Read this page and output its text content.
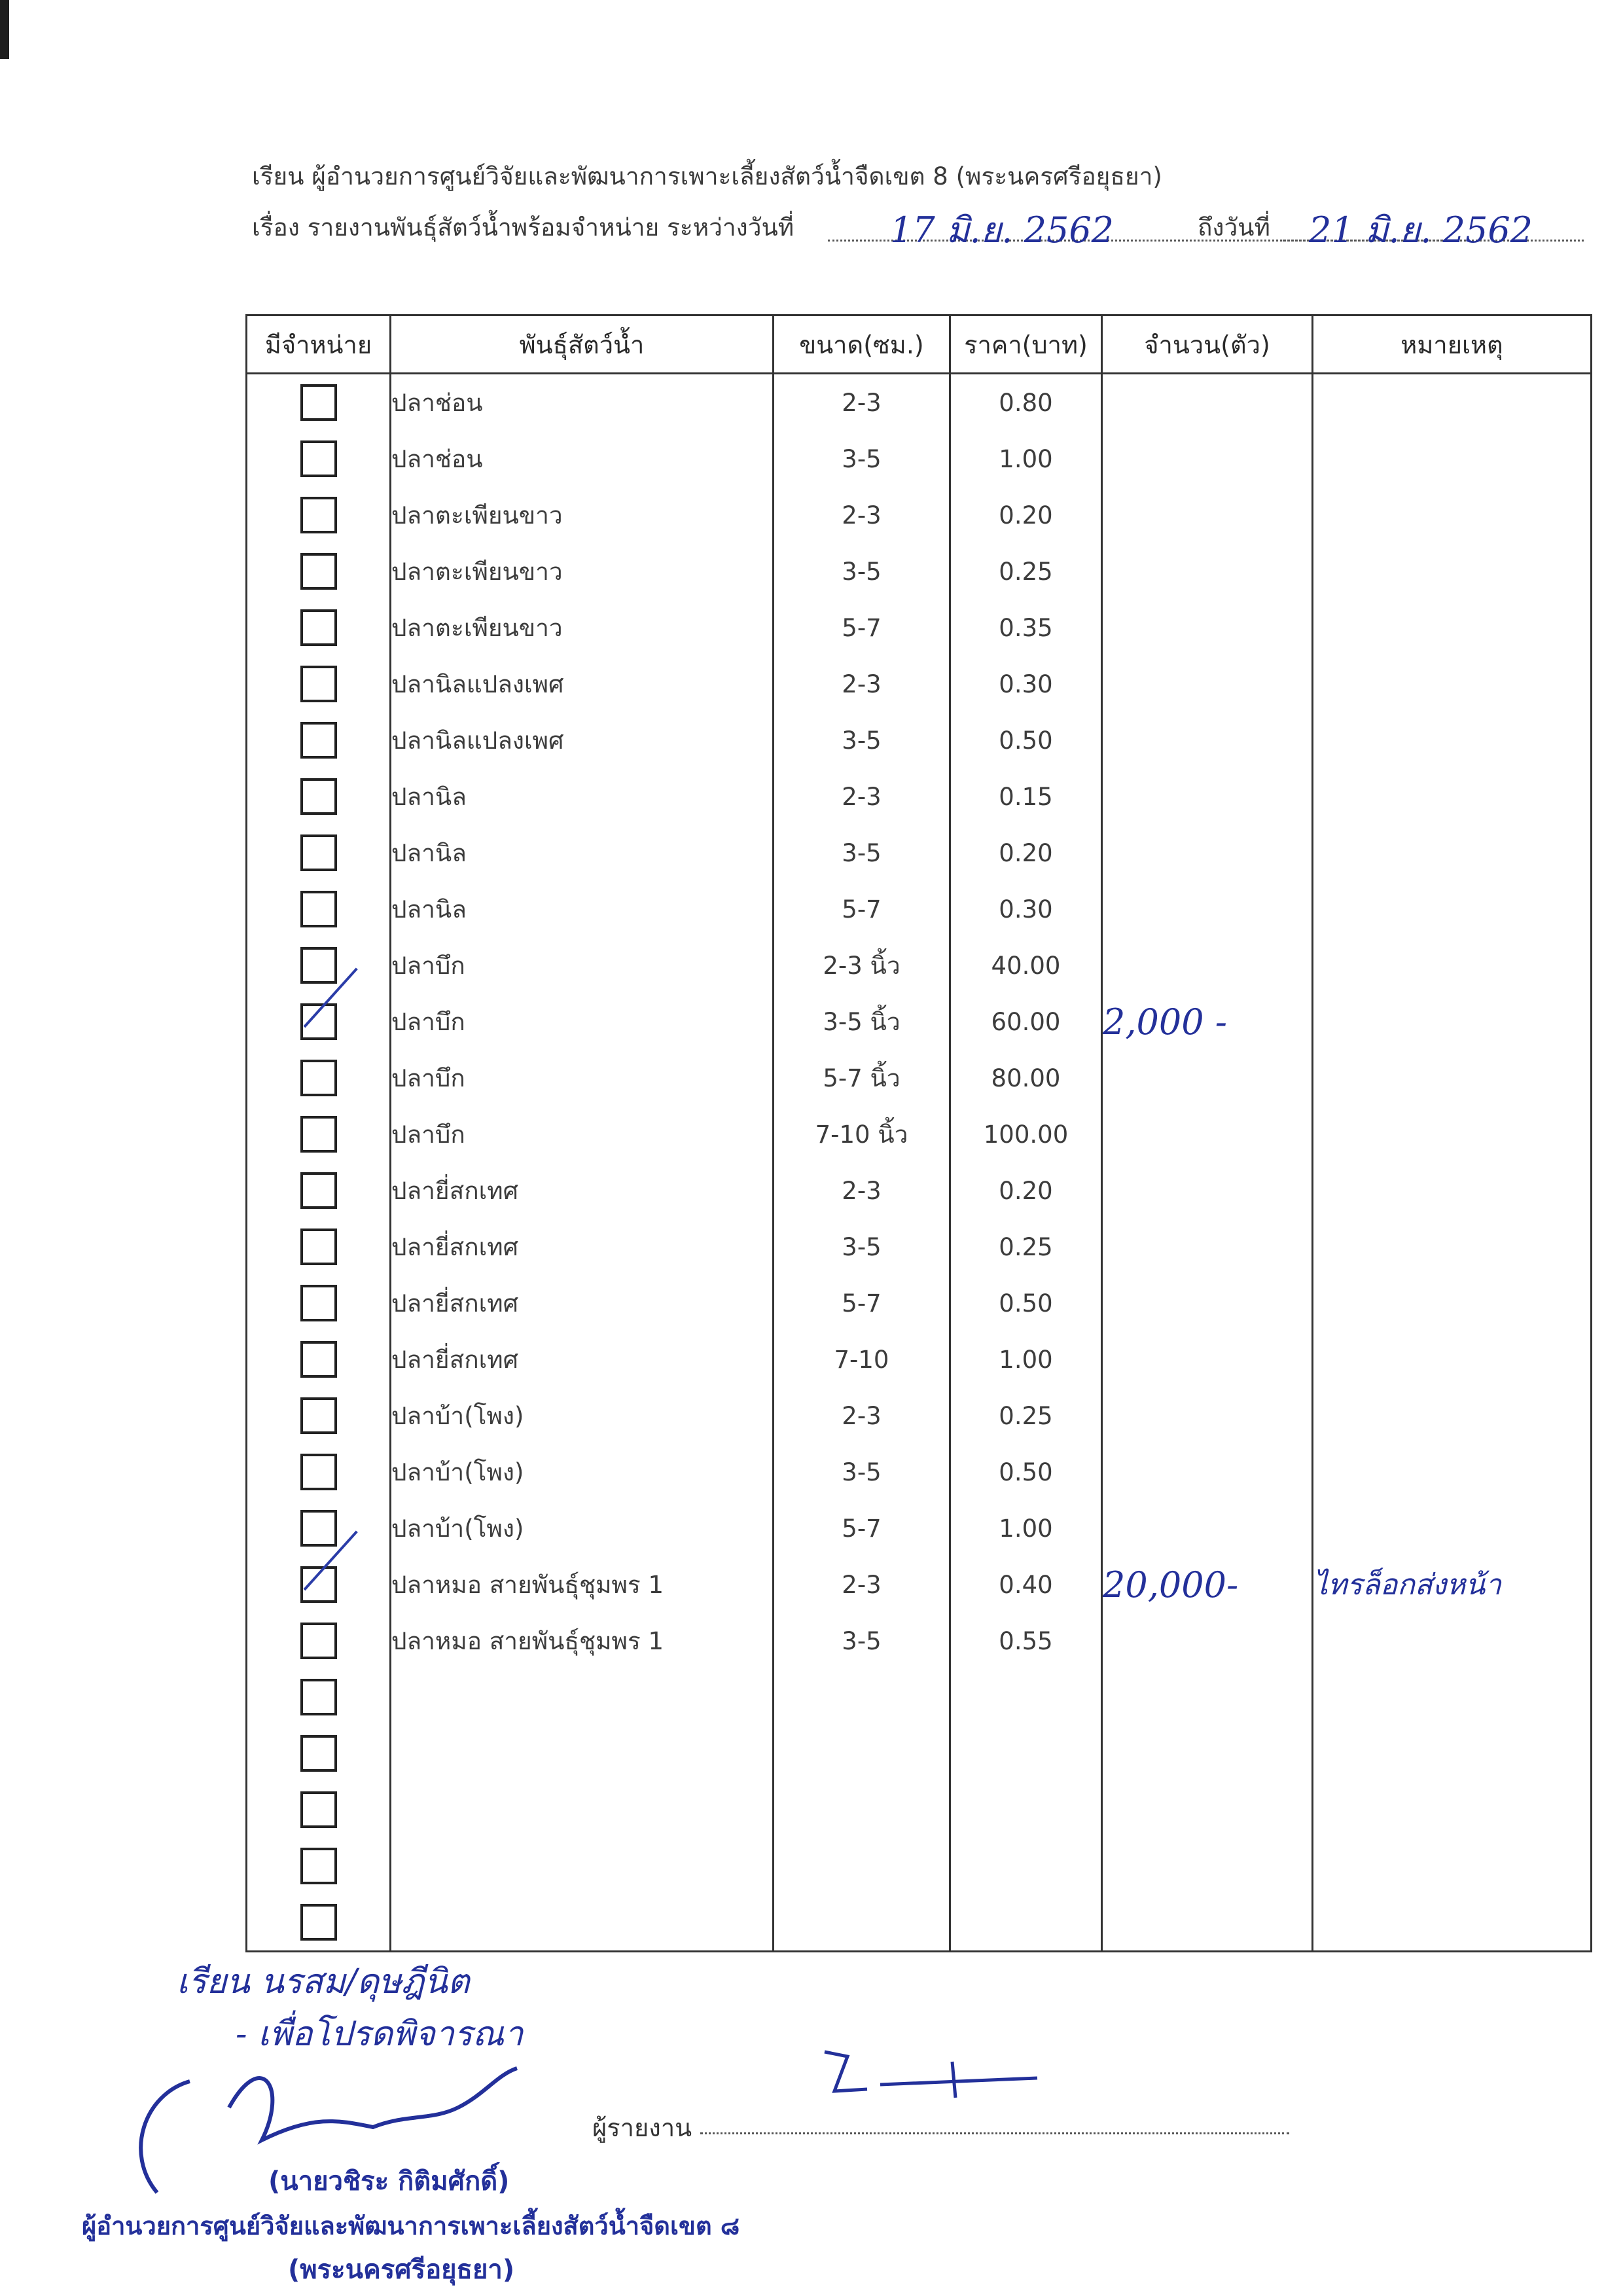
เรียน ผู้อำนวยการศูนย์วิจัยและพัฒนาการเพาะเลี้ยงสัตว์น้ำจืดเขต 8 (พระนครศรีอยุธยา)
เรื่อง รายงานพันธุ์สัตว์น้ำพร้อมจำหน่าย ระหว่างวันที่	17 มิ.ย. 2562	ถึงวันที่ 21 มิ.ย. 2562
มีจำหน่าย	พันธุ์สัตว์น้ำ	ขนาด(ซม.)	ราคา(บาท)	จำนวน(ตัว)	หมายเหตุ
	ปลาช่อน	2-3	0.80		
	ปลาช่อน	3-5	1.00		
	ปลาตะเพียนขาว	2-3	0.20		
	ปลาตะเพียนขาว	3-5	0.25		
	ปลาตะเพียนขาว	5-7	0.35		
	ปลานิลแปลงเพศ	2-3	0.30		
	ปลานิลแปลงเพศ	3-5	0.50		
	ปลานิล	2-3	0.15		
	ปลานิล	3-5	0.20		
	ปลานิล	5-7	0.30		
	ปลาบึก	2-3 นิ้ว	40.00		
	ปลาบึก	3-5 นิ้ว	60.00	2,000 -	
	ปลาบึก	5-7 นิ้ว	80.00		
	ปลาบึก	7-10 นิ้ว	100.00		
	ปลายี่สกเทศ	2-3	0.20		
	ปลายี่สกเทศ	3-5	0.25		
	ปลายี่สกเทศ	5-7	0.50		
	ปลายี่สกเทศ	7-10	1.00		
	ปลาบ้า(โพง)	2-3	0.25		
	ปลาบ้า(โพง)	3-5	0.50		
	ปลาบ้า(โพง)	5-7	1.00		
	ปลาหมอ สายพันธุ์ชุมพร 1	2-3	0.40	20,000-	ไทรล็อกส่งหน้า
	ปลาหมอ สายพันธุ์ชุมพร 1	3-5	0.55		

เรียน นรสม/ดุษฎีนิต
- เพื่อโปรดพิจารณา
(นายวชิระ กิติมศักดิ์)
ผู้อำนวยการศูนย์วิจัยและพัฒนาการเพาะเลี้ยงสัตว์น้ำจืดเขต ๘
(พระนครศรีอยุธยา)
ผู้รายงาน
